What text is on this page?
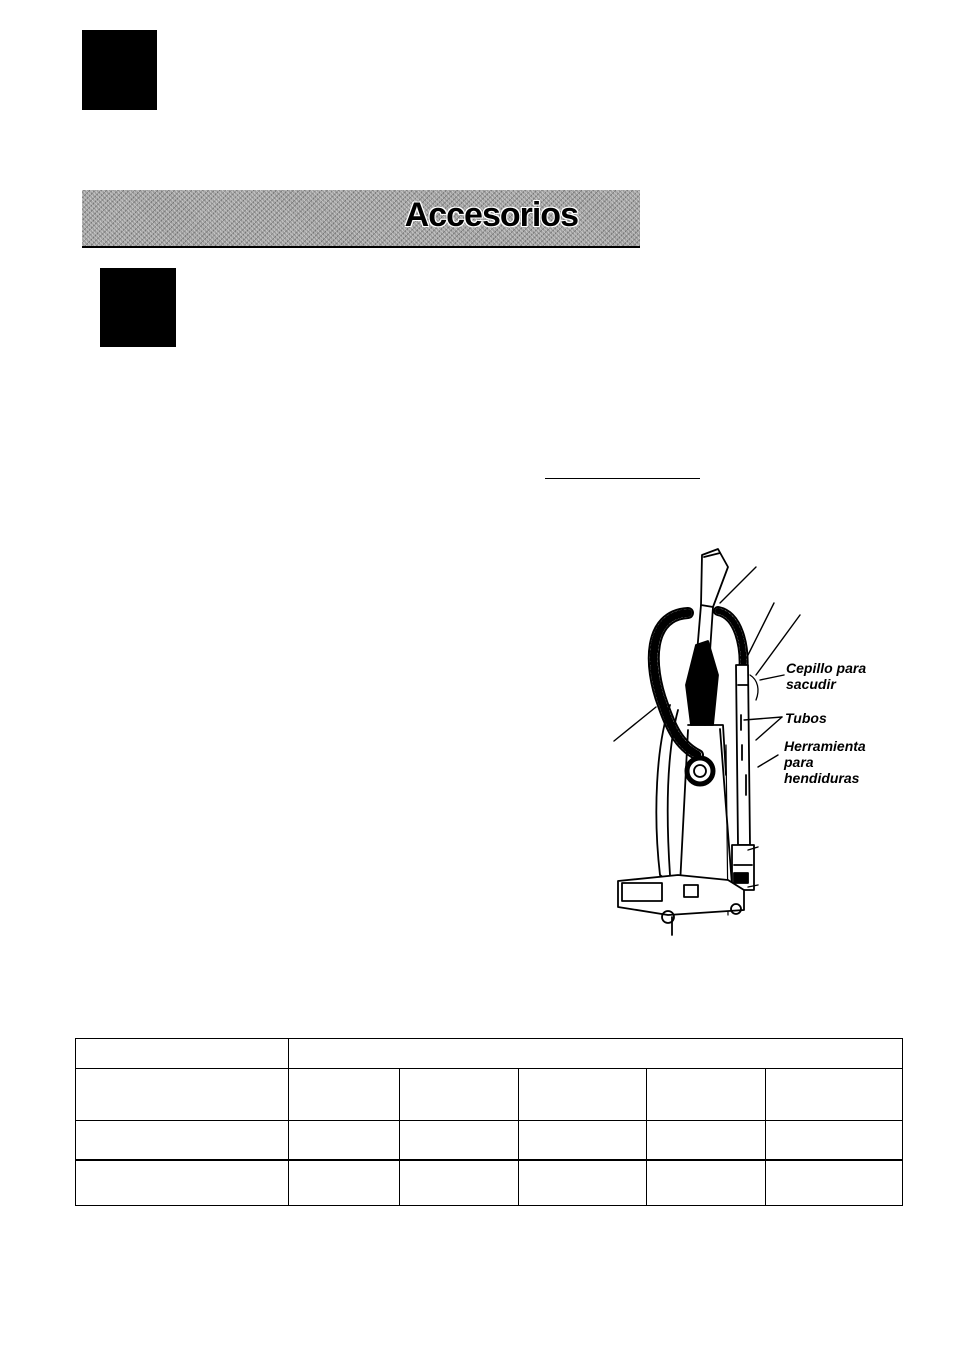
Accesorios
Cepillo para
sacudir
Tubos
Herramienta
para
hendiduras
